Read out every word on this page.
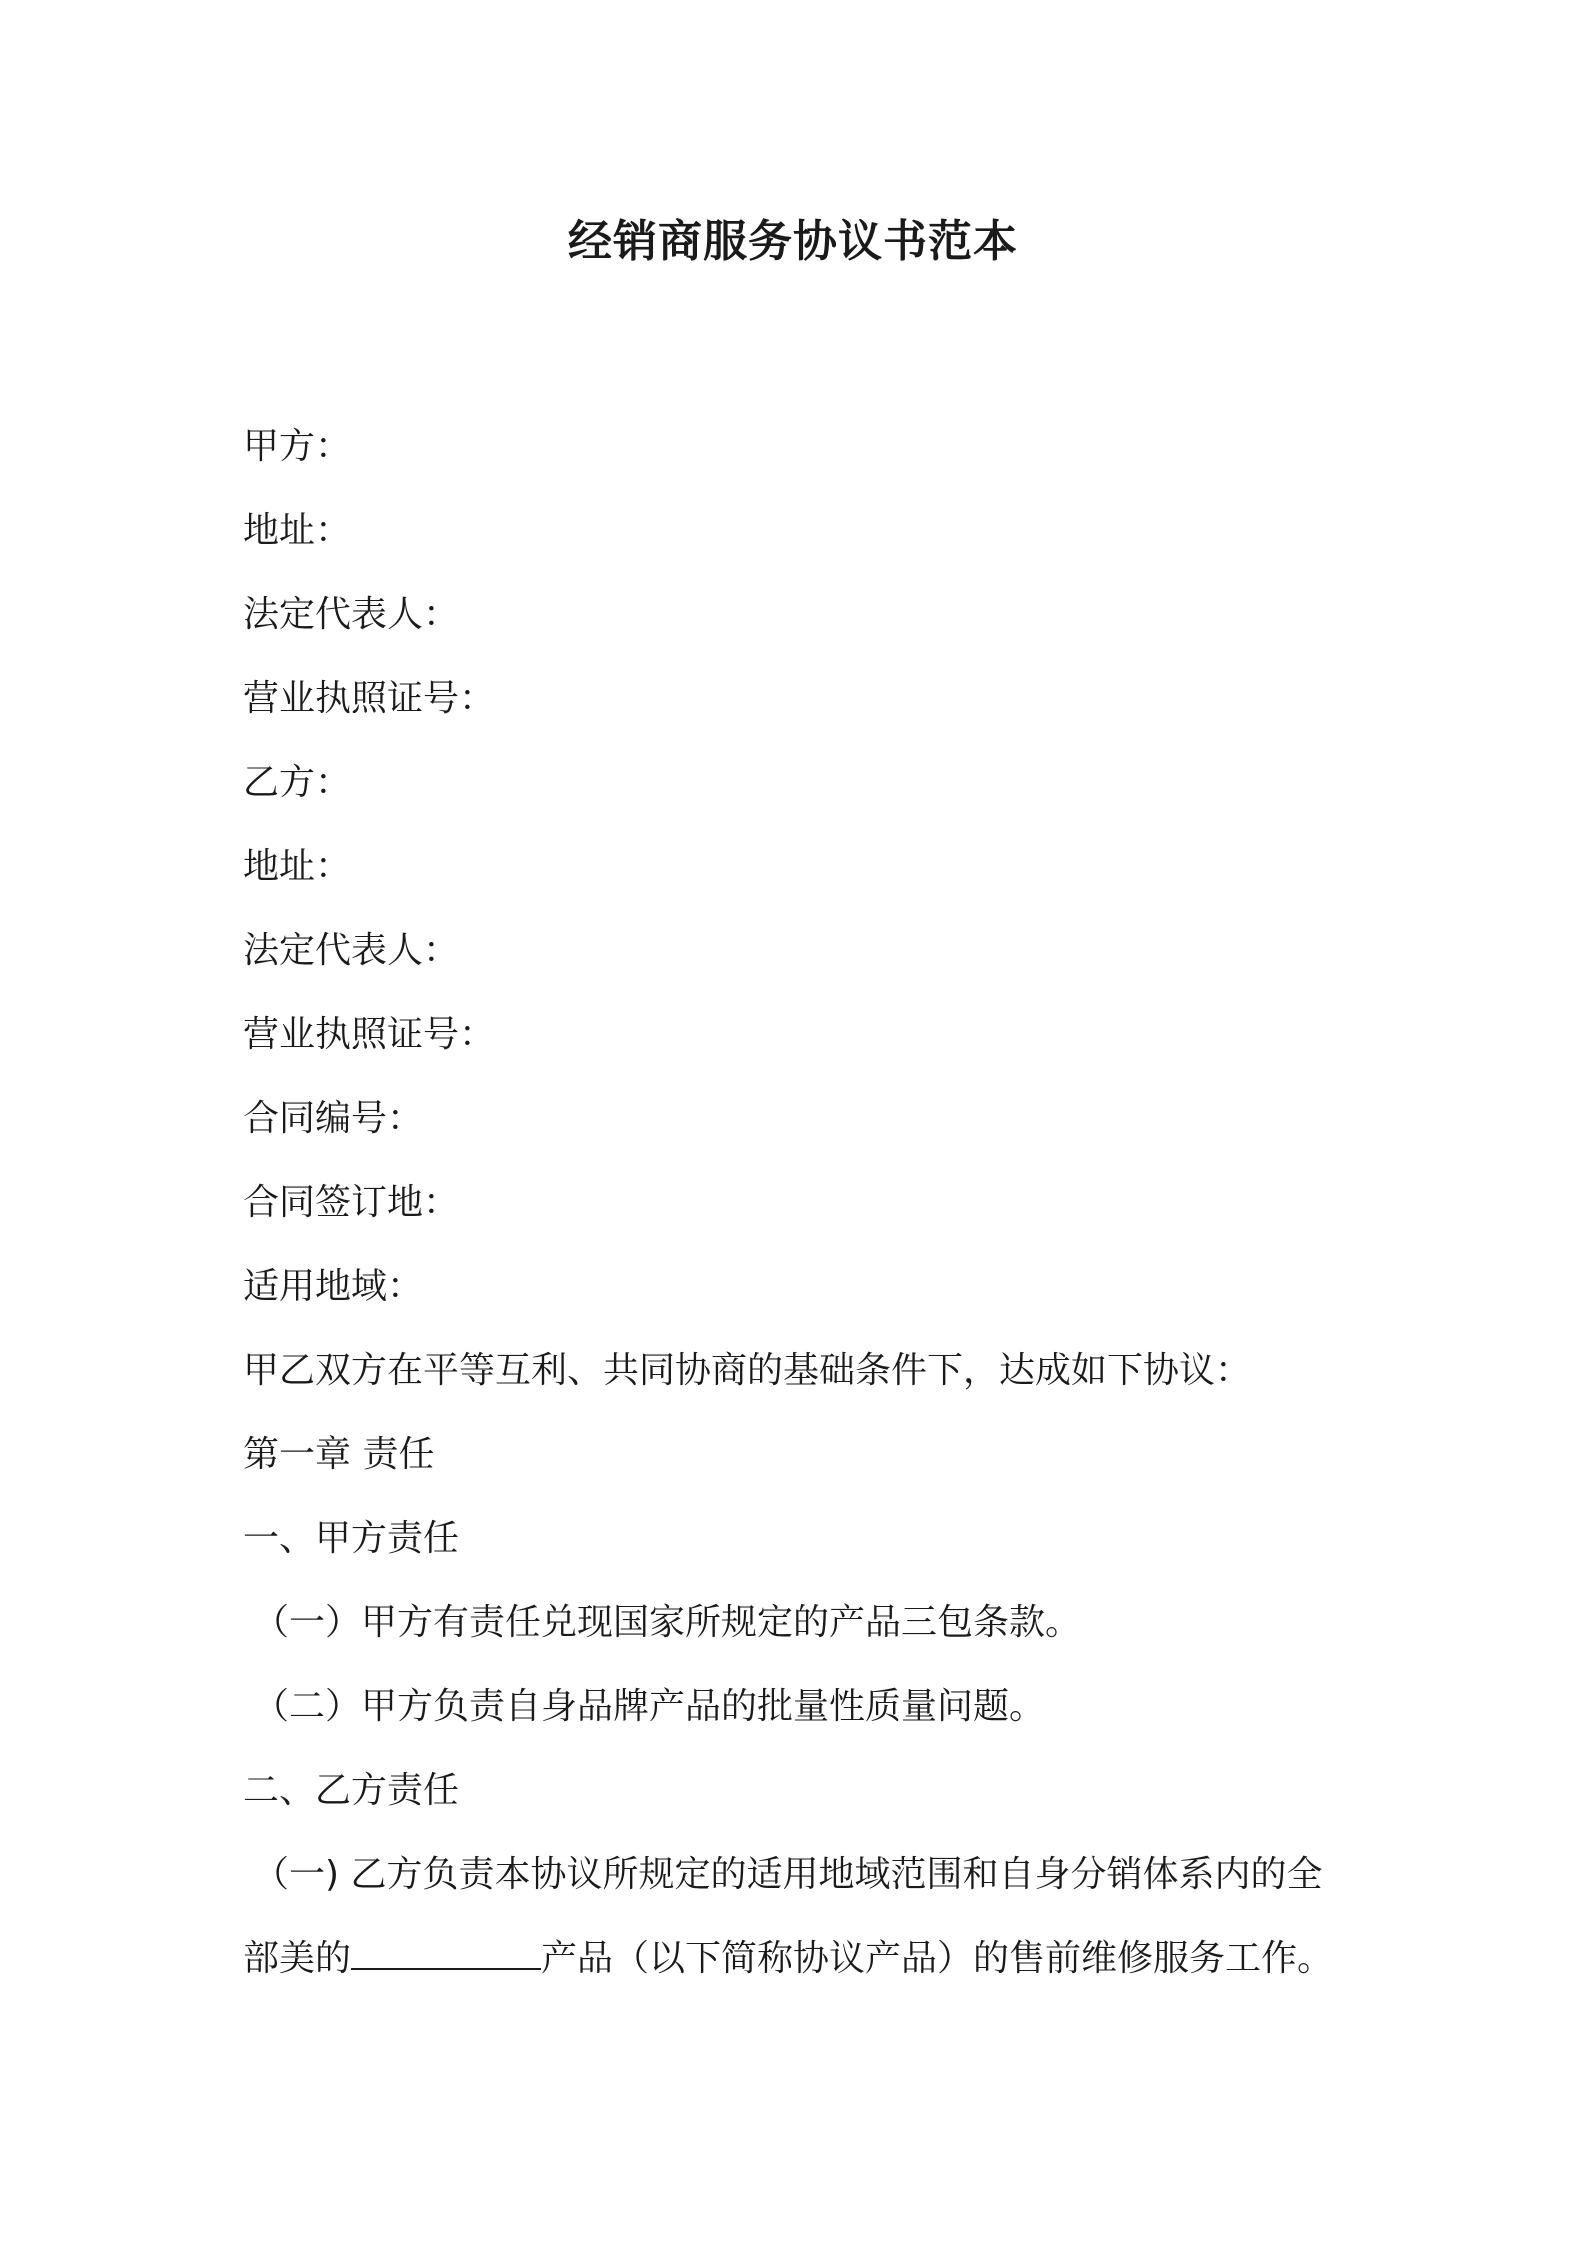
经销商服务协议书范本
甲方：
地址：
法定代表人：
营业执照证号：
乙方：
地址：
法定代表人：
营业执照证号：
合同编号：
合同签订地：
适用地域：
甲乙双方在平等互利、共同协商的基础条件下，达成如下协议：
第一章 责任
一、甲方责任
（一）甲方有责任兑现国家所规定的产品三包条款。
（二）甲方负责自身品牌产品的批量性质量问题。
二、乙方责任
（一) 乙方负责本协议所规定的适用地域范围和自身分销体系内的全
部美的	产品（以下简称协议产品）的售前维修服务工作。
